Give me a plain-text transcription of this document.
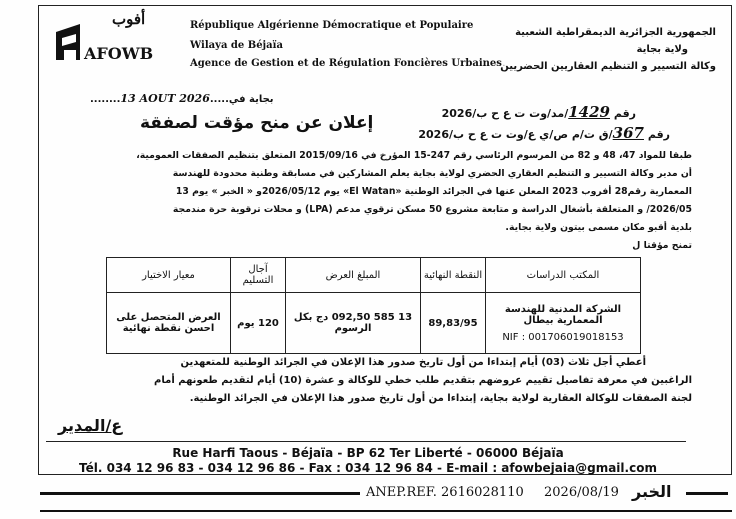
أفوب
AFOWB
République Algérienne Démocratique et Populaire
Wilaya de Béjaïa
Agence de Gestion et de Régulation Foncières Urbaines
الجمهورية الجزائرية الديمقراطية الشعبية
ولاية بجاية
وكالة التسيير و التنظيم العقاريين الحضريين
........13 AOUT 2026.....بجاية في
رقم 1429/مد/وت ت ع ح ب/2026
رقم 367/ق ت/م ص/ي ع/وت ت ع ح ب/2026
إعلان عن منح مؤقت لصفقة
طبقا للمواد 47، 48 و 82 من المرسوم الرئاسي رقم 247-15 المؤرخ في 2015/09/16 المتعلق بتنظيم الصفقات العمومية،
أن مدير وكالة التسيير و التنظيم العقاري الحضري لولاية بجاية يعلم المشاركين في مسابقة وطنية محدودة للهندسة
المعمارية رقم28 أفروب 2023 المعلن عنها في الجرائد الوطنية «El Watan» يوم 2026/05/12و « الخبر » يوم 13
2026/05/ و المتعلقة بأشغال الدراسة و متابعة مشروع 50 مسكن ترقوي مدعم (LPA) و محلات ترقوية حرة مندمجة
بلدية أقبو مكان مسمى بيتون ولاية بجاية.
تمنح مؤقتا ل
المكتب الدراسات	النقطة النهائية	المبلغ العرض	آجال التسليم	معيار الاختيار

الشركة المدنية للهندسة المعمارية بيطال
NIF : 001706019018153	89,83/95	13 585 092,50 دج بكل الرسوم	120 يوم	العرض المتحصل على احسن نقطة نهائية
أعطي أجل ثلاث (03) أيام إبتداءا من أول تاريخ صدور هذا الإعلان في الجرائد الوطنية للمتعهدين
الراغبين في معرفة تفاصيل تقييم عروضهم بتقديم طلب خطي للوكالة و عشرة (10) أيام لتقديم طعونهم أمام
لجنة الصفقات للوكالة العقارية لولاية بجاية، إبتداءا من أول تاريخ صدور هذا الإعلان في الجرائد الوطنية.
ع/المدير
Rue Harfi Taous - Béjaïa - BP 62 Ter Liberté - 06000 Béjaïa
Tél. 034 12 96 83 - 034 12 96 86 - Fax : 034 12 96 84 - E-mail : afowbejaia@gmail.com
ANEP.REF. 2616028110 2026/08/19 الخبر
